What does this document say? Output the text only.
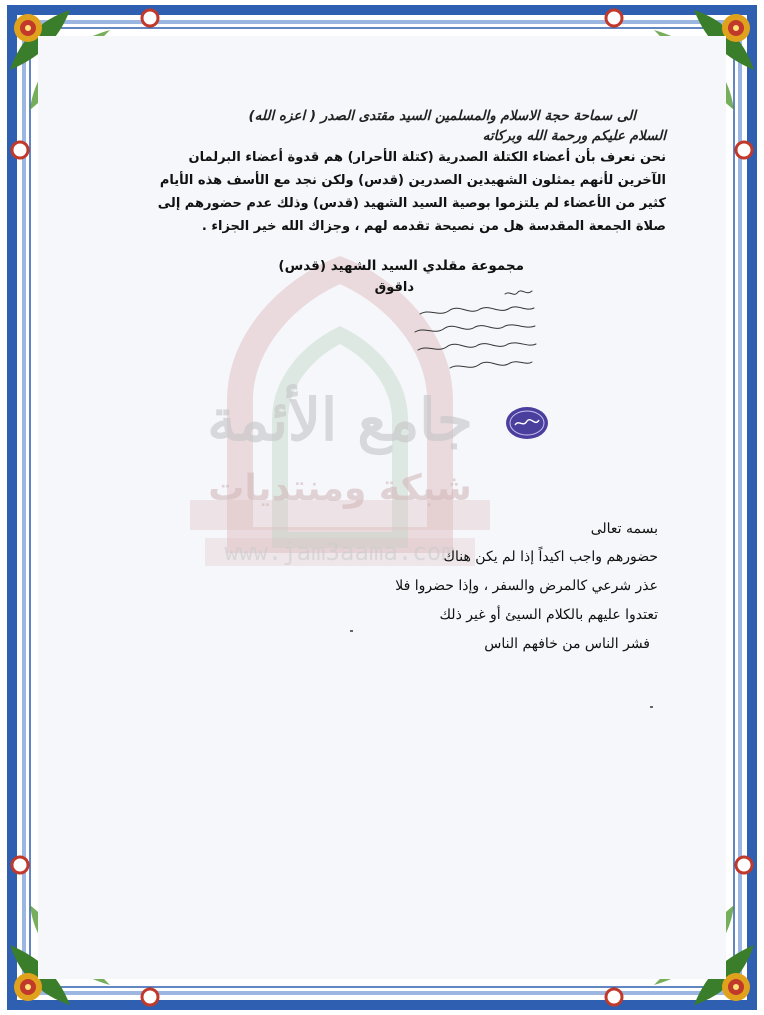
جامع الأئمة
شبكة ومنتديات
www.jam3aama.com
الى سماحة حجة الاسلام والمسلمين السيد مقتدى الصدر ( اعزه الله)
السلام عليكم ورحمة الله وبركاته
نحن نعرف بأن أعضاء الكتلة الصدرية (كتلة الأحرار) هم قدوة أعضاء البرلمان
الآخرين لأنهم يمثلون الشهيدين الصدرين (قدس) ولكن نجد مع الأسف هذه الأيام
كثير من الأعضاء لم يلتزموا بوصية السيد الشهيد (قدس) وذلك عدم حضورهم إلى
صلاة الجمعة المقدسة هل من نصيحة تقدمه لهم ، وجزاك الله خير الجزاء .
مجموعة مقلدي السيد الشهيد (قدس)
داقوق
بسمه تعالى
حضورهم واجب اكيداً إذا لم يكن هناك
عذر شرعي كالمرض والسفر ، وإذا حضروا فلا
تعتدوا عليهم بالكلام السيئ أو غير ذلك
فشر الناس من خافهم الناس
